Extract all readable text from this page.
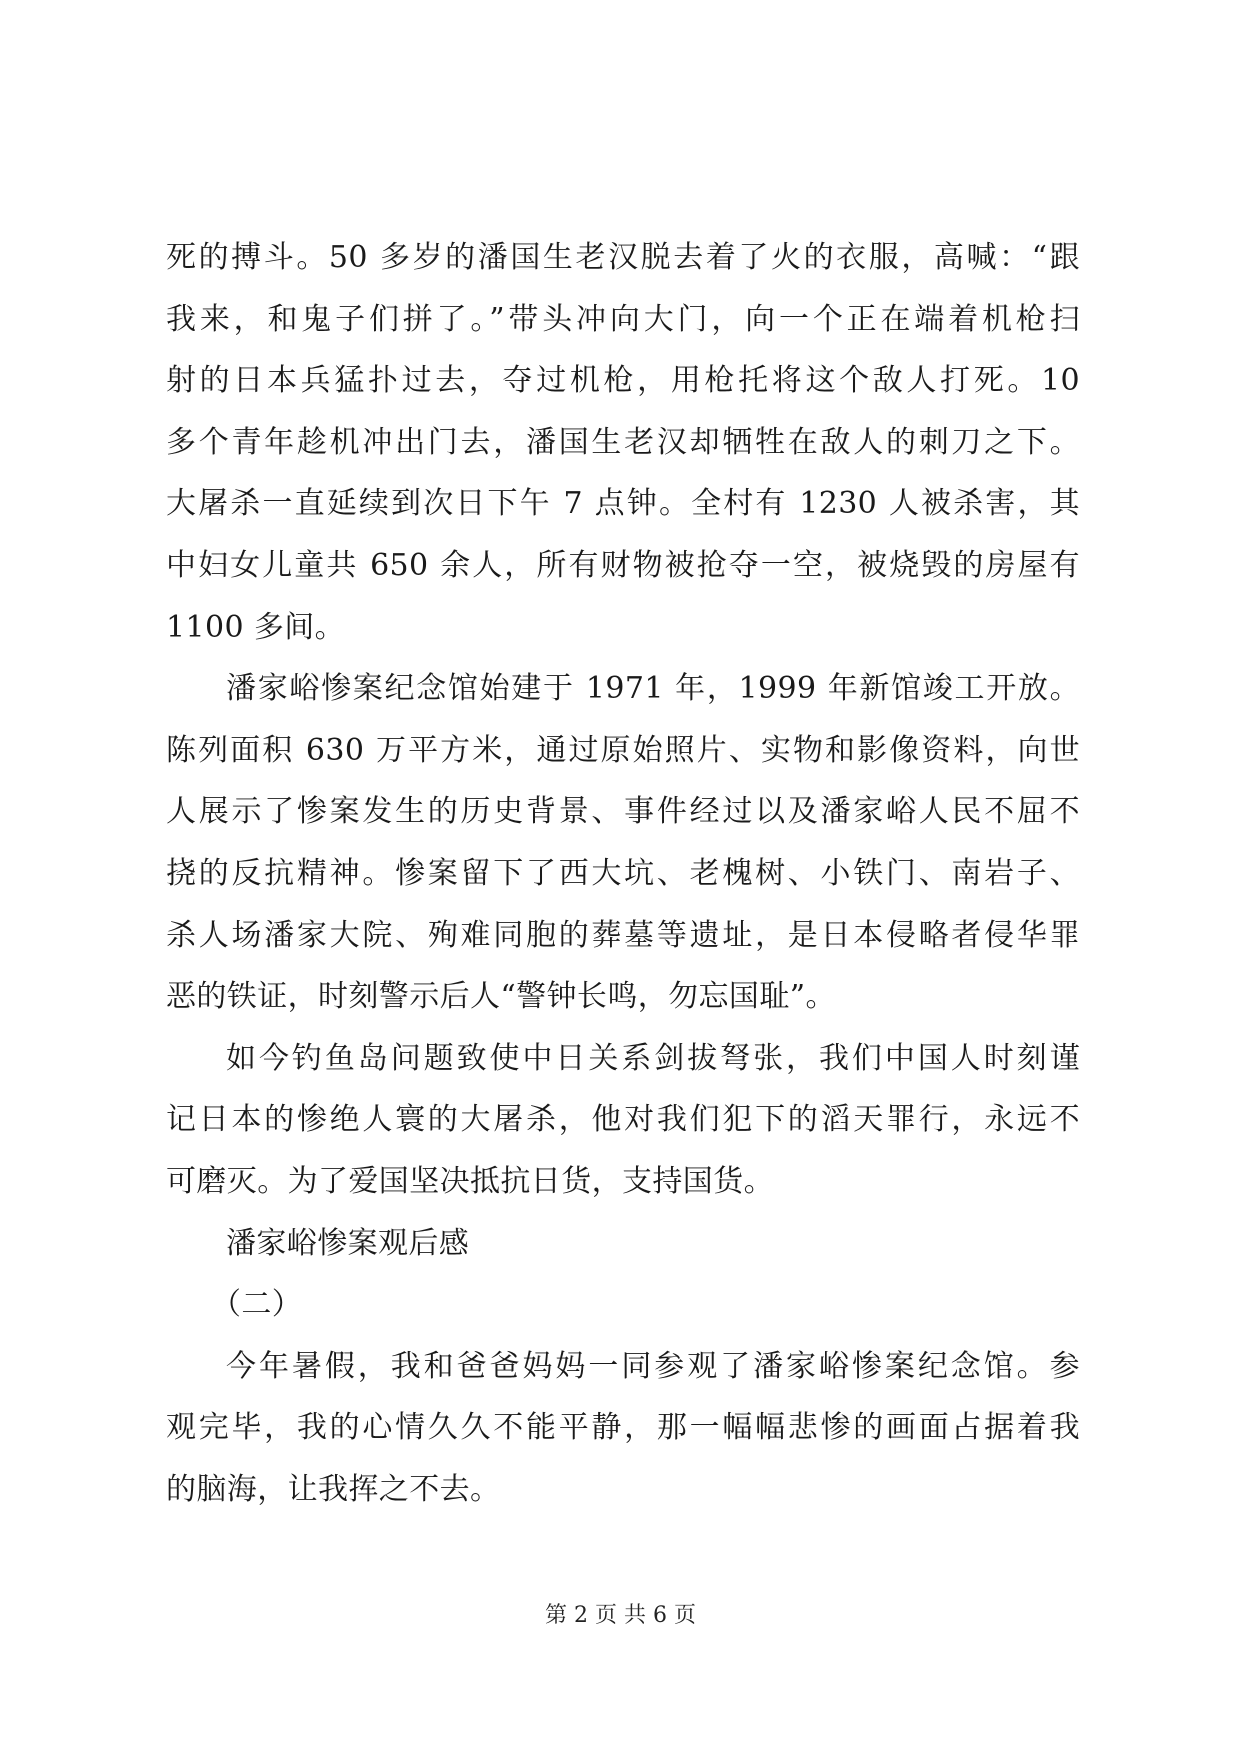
死的搏斗。50 多岁的潘国生老汉脱去着了火的衣服，高喊：“跟
我来，和鬼子们拼了。”带头冲向大门，向一个正在端着机枪扫
射的日本兵猛扑过去，夺过机枪，用枪托将这个敌人打死。10
多个青年趁机冲出门去，潘国生老汉却牺牲在敌人的刺刀之下。
大屠杀一直延续到次日下午 7 点钟。全村有 1230 人被杀害，其
中妇女儿童共 650 余人，所有财物被抢夺一空，被烧毁的房屋有
1100 多间。
潘家峪惨案纪念馆始建于 1971 年，1999 年新馆竣工开放。
陈列面积 630 万平方米，通过原始照片、实物和影像资料，向世
人展示了惨案发生的历史背景、事件经过以及潘家峪人民不屈不
挠的反抗精神。惨案留下了西大坑、老槐树、小铁门、南岩子、
杀人场潘家大院、殉难同胞的葬墓等遗址，是日本侵略者侵华罪
恶的铁证，时刻警示后人“警钟长鸣，勿忘国耻”。
如今钓鱼岛问题致使中日关系剑拔弩张，我们中国人时刻谨
记日本的惨绝人寰的大屠杀，他对我们犯下的滔天罪行，永远不
可磨灭。为了爱国坚决抵抗日货，支持国货。
潘家峪惨案观后感
（二）
今年暑假，我和爸爸妈妈一同参观了潘家峪惨案纪念馆。参
观完毕，我的心情久久不能平静，那一幅幅悲惨的画面占据着我
的脑海，让我挥之不去。
第 2 页 共 6 页
